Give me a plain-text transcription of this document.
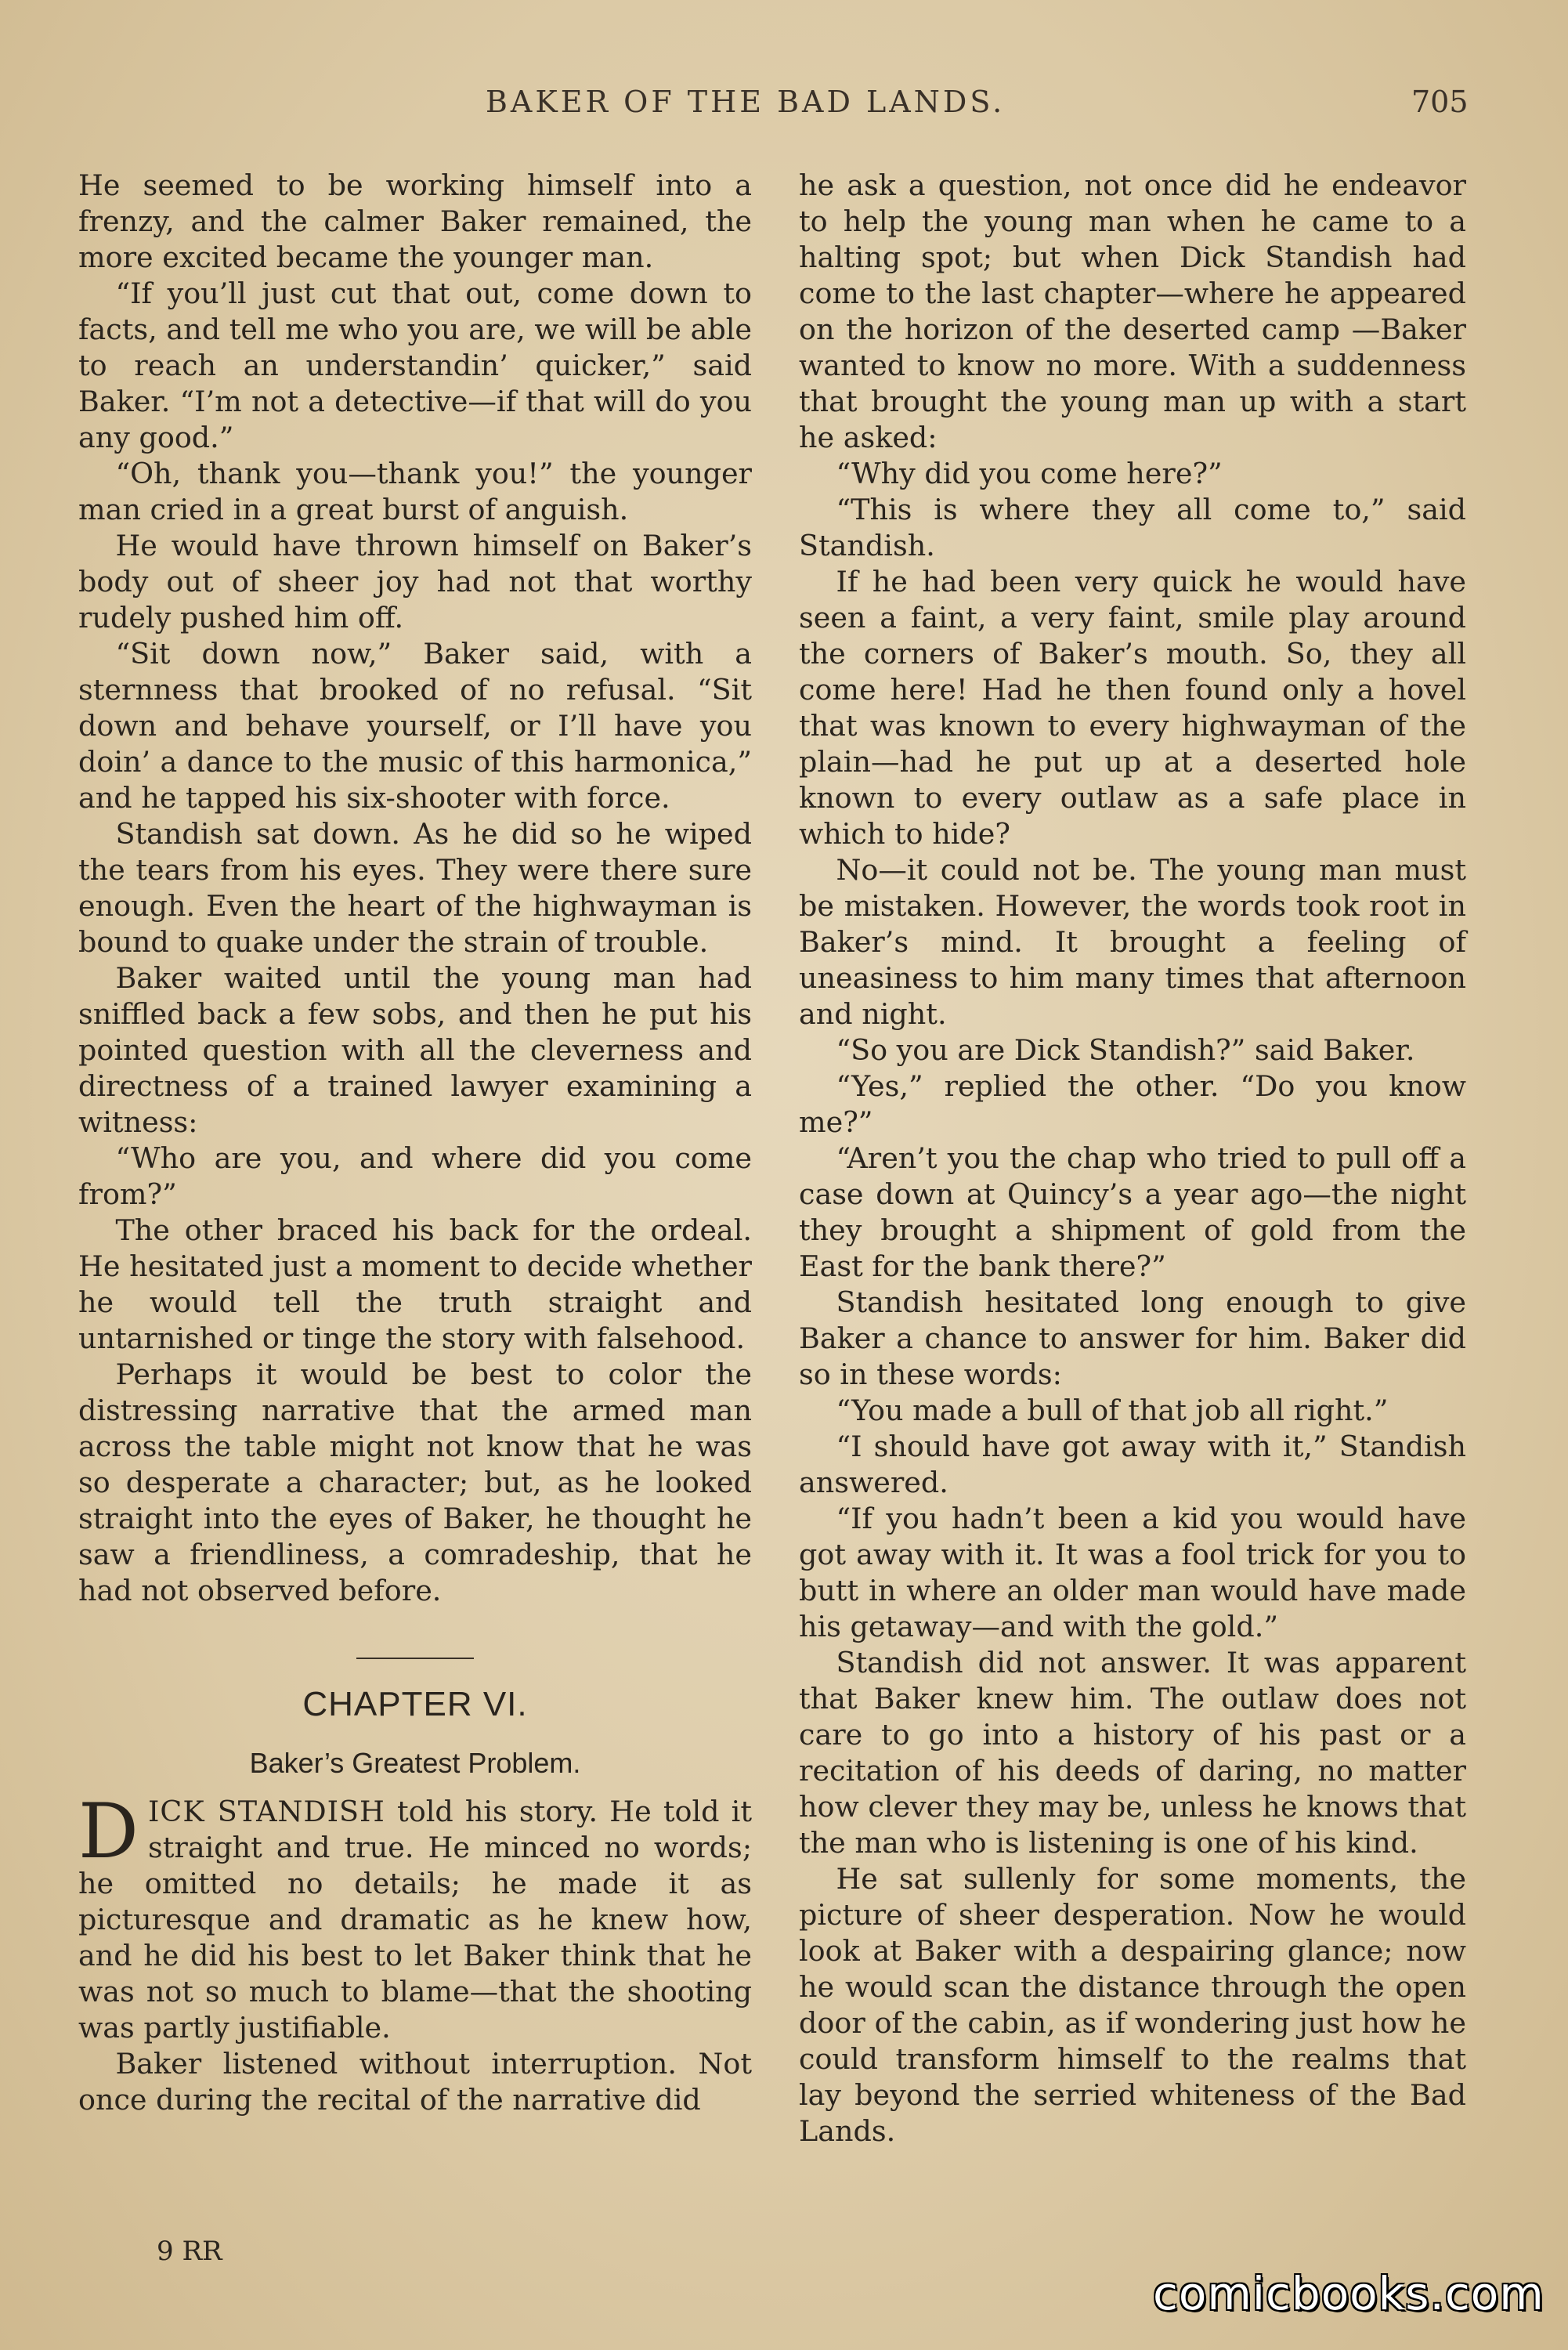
BAKER OF THE BAD LANDS.	705

He seemed to be working himself into a frenzy, and the calmer Baker remained, the more excited became the younger man.

“If you’ll just cut that out, come down to facts, and tell me who you are, we will be able to reach an understandin’ quicker,” said Baker. “I’m not a detective—if that will do you any good.”

“Oh, thank you—thank you!” the younger man cried in a great burst of anguish.

He would have thrown himself on Baker’s body out of sheer joy had not that worthy rudely pushed him off.

“Sit down now,” Baker said, with a sternness that brooked of no refusal. “Sit down and behave yourself, or I’ll have you doin’ a dance to the music of this harmonica,” and he tapped his six-shooter with force.

Standish sat down. As he did so he wiped the tears from his eyes. They were there sure enough. Even the heart of the highwayman is bound to quake under the strain of trouble.

Baker waited until the young man had sniffled back a few sobs, and then he put his pointed question with all the cleverness and directness of a trained lawyer examining a witness:

“Who are you, and where did you come from?”

The other braced his back for the ordeal. He hesitated just a moment to decide whether he would tell the truth straight and untarnished or tinge the story with falsehood.

Perhaps it would be best to color the distressing narrative that the armed man across the table might not know that he was so desperate a character; but, as he looked straight into the eyes of Baker, he thought he saw a friendliness, a comradeship, that he had not observed before.

CHAPTER VI.
Baker’s Greatest Problem.

DICK STANDISH told his story. He told it straight and true. He minced no words; he omitted no details; he made it as picturesque and dramatic as he knew how, and he did his best to let Baker think that he was not so much to blame—that the shooting was partly justifiable.

Baker listened without interruption. Not once during the recital of the narrative did

he ask a question, not once did he endeavor to help the young man when he came to a halting spot; but when Dick Standish had come to the last chapter—where he appeared on the horizon of the deserted camp —Baker wanted to know no more. With a suddenness that brought the young man up with a start he asked:

“Why did you come here?”

“This is where they all come to,” said Standish.

If he had been very quick he would have seen a faint, a very faint, smile play around the corners of Baker’s mouth. So, they all come here! Had he then found only a hovel that was known to every highwayman of the plain—had he put up at a deserted hole known to every outlaw as a safe place in which to hide?

No—it could not be. The young man must be mistaken. However, the words took root in Baker’s mind. It brought a feeling of uneasiness to him many times that afternoon and night.

“So you are Dick Standish?” said Baker.

“Yes,” replied the other. “Do you know me?”

“Aren’t you the chap who tried to pull off a case down at Quincy’s a year ago—the night they brought a shipment of gold from the East for the bank there?”

Standish hesitated long enough to give Baker a chance to answer for him. Baker did so in these words:

“You made a bull of that job all right.”

“I should have got away with it,” Standish answered.

“If you hadn’t been a kid you would have got away with it. It was a fool trick for you to butt in where an older man would have made his getaway—and with the gold.”

Standish did not answer. It was apparent that Baker knew him. The outlaw does not care to go into a history of his past or a recitation of his deeds of daring, no matter how clever they may be, unless he knows that the man who is listening is one of his kind.

He sat sullenly for some moments, the picture of sheer desperation. Now he would look at Baker with a despairing glance; now he would scan the distance through the open door of the cabin, as if wondering just how he could transform himself to the realms that lay beyond the serried whiteness of the Bad Lands.

9 RR
comicbooks.com
